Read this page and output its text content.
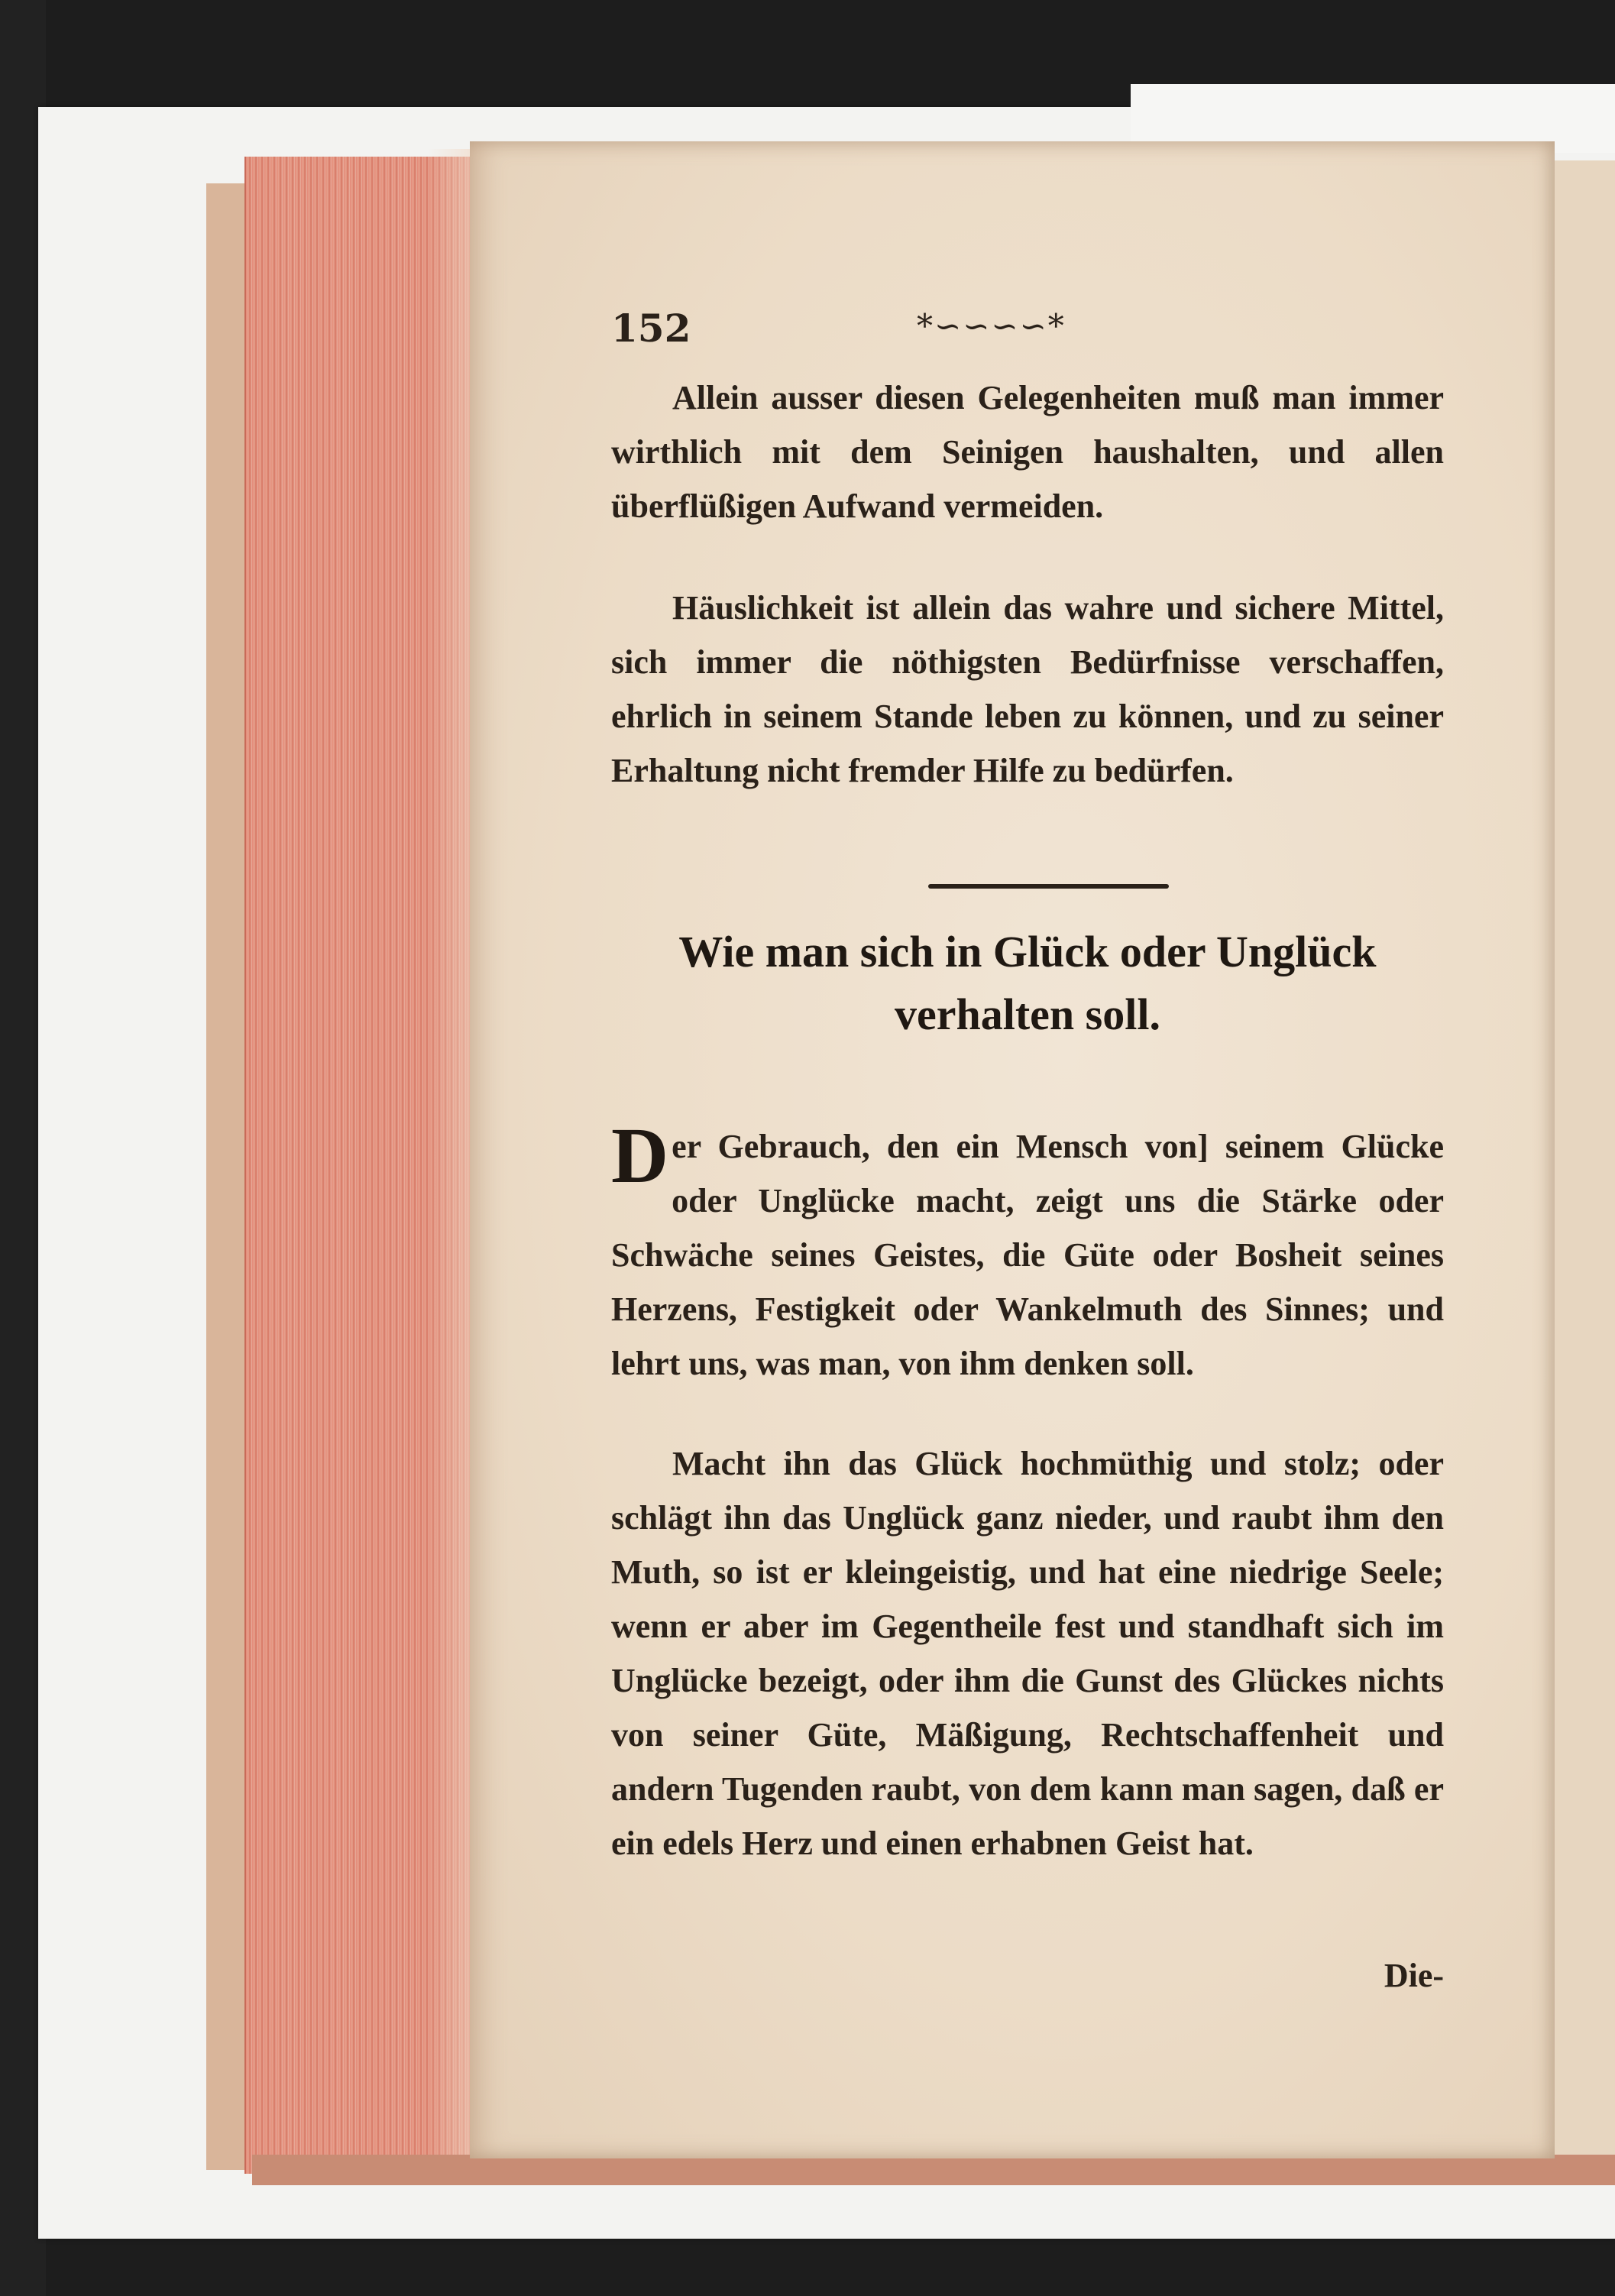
152	*∽∽∽∽*

Allein ausser diesen Gelegenheiten muß man immer wirthlich mit dem Seinigen haushalten, und allen überflüßigen Aufwand vermeiden.

Häuslichkeit ist allein das wahre und sichere Mittel, sich immer die nöthigsten Bedürfnisse verschaffen, ehrlich in seinem Stande leben zu können, und zu seiner Erhaltung nicht fremder Hilfe zu bedürfen.

Wie man sich in Glück oder Unglück
verhalten soll.

Der Gebrauch, den ein Mensch von] seinem Glücke oder Unglücke macht, zeigt uns die Stärke oder Schwäche seines Geistes, die Güte oder Bosheit seines Herzens, Festigkeit oder Wankelmuth des Sinnes; und lehrt uns, was man, von ihm denken soll.

Macht ihn das Glück hochmüthig und stolz; oder schlägt ihn das Unglück ganz nieder, und raubt ihm den Muth, so ist er kleingeistig, und hat eine niedrige Seele; wenn er aber im Gegentheile fest und standhaft sich im Unglücke bezeigt, oder ihm die Gunst des Glückes nichts von seiner Güte, Mäßigung, Rechtschaffenheit und andern Tugenden raubt, von dem kann man sagen, daß er ein edels Herz und einen erhabnen Geist hat.

Die-
